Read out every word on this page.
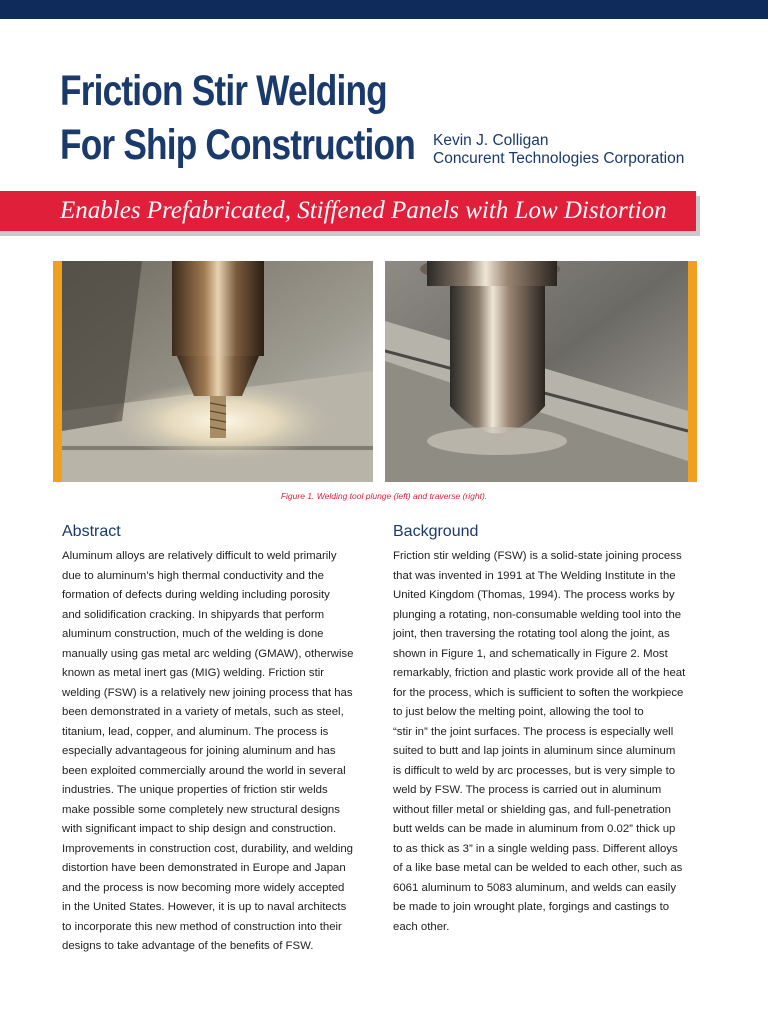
Friction Stir Welding
For Ship Construction Kevin J. Colligan
Concurent Technologies Corporation
Enables Prefabricated, Stiffened Panels with Low Distortion
Figure 1. Welding tool plunge (left) and traverse (right).
Abstract

Aluminum alloys are relatively difficult to weld primarily
due to aluminum’s high thermal conductivity and the
formation of defects during welding including porosity
and solidification cracking. In shipyards that perform
aluminum construction, much of the welding is done
manually using gas metal arc welding (GMAW), otherwise
known as metal inert gas (MIG) welding. Friction stir
welding (FSW) is a relatively new joining process that has
been demonstrated in a variety of metals, such as steel,
titanium, lead, copper, and aluminum. The process is
especially advantageous for joining aluminum and has
been exploited commercially around the world in several
industries. The unique properties of friction stir welds
make possible some completely new structural designs
with significant impact to ship design and construction.
Improvements in construction cost, durability, and welding
distortion have been demonstrated in Europe and Japan
and the process is now becoming more widely accepted
in the United States. However, it is up to naval architects
to incorporate this new method of construction into their
designs to take advantage of the benefits of FSW.

Background

Friction stir welding (FSW) is a solid-state joining process
that was invented in 1991 at The Welding Institute in the
United Kingdom (Thomas, 1994). The process works by
plunging a rotating, non-consumable welding tool into the
joint, then traversing the rotating tool along the joint, as
shown in Figure 1, and schematically in Figure 2. Most
remarkably, friction and plastic work provide all of the heat
for the process, which is sufficient to soften the workpiece
to just below the melting point, allowing the tool to
“stir in” the joint surfaces. The process is especially well
suited to butt and lap joints in aluminum since aluminum
is difficult to weld by arc processes, but is very simple to
weld by FSW. The process is carried out in aluminum
without filler metal or shielding gas, and full-penetration
butt welds can be made in aluminum from 0.02” thick up
to as thick as 3” in a single welding pass. Different alloys
of a like base metal can be welded to each other, such as
6061 aluminum to 5083 aluminum, and welds can easily
be made to join wrought plate, forgings and castings to
each other.
